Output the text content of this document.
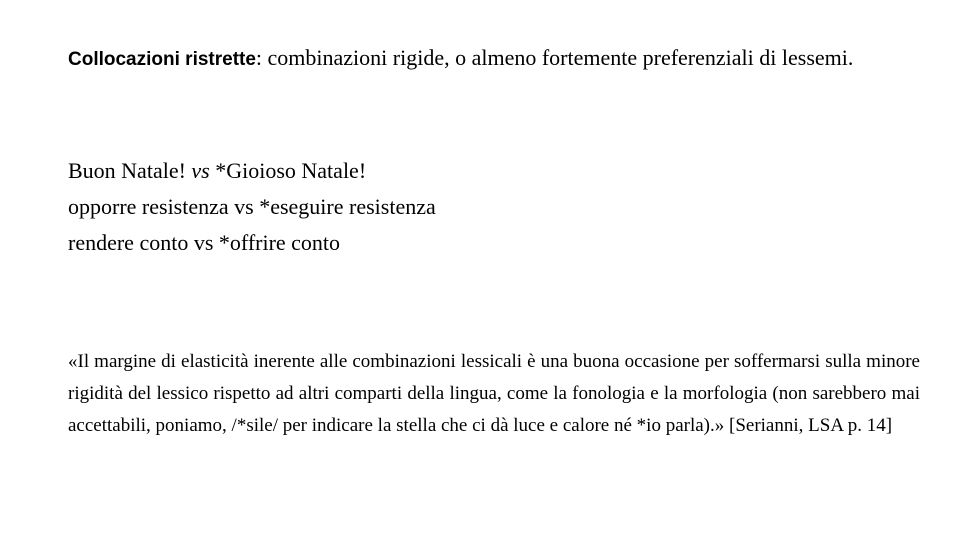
Collocazioni ristrette: combinazioni rigide, o almeno fortemente preferenziali di lessemi.

Buon Natale! vs *Gioioso Natale!
opporre resistenza vs *eseguire resistenza
rendere conto vs *offrire conto

«Il margine di elasticità inerente alle combinazioni lessicali è una buona occasione per soffermarsi sulla minore rigidità del lessico rispetto ad altri comparti della lingua, come la fonologia e la morfologia (non sarebbero mai accettabili, poniamo, /*sile/ per indicare la stella che ci dà luce e calore né *io parla).» [Serianni, LSA p. 14]
